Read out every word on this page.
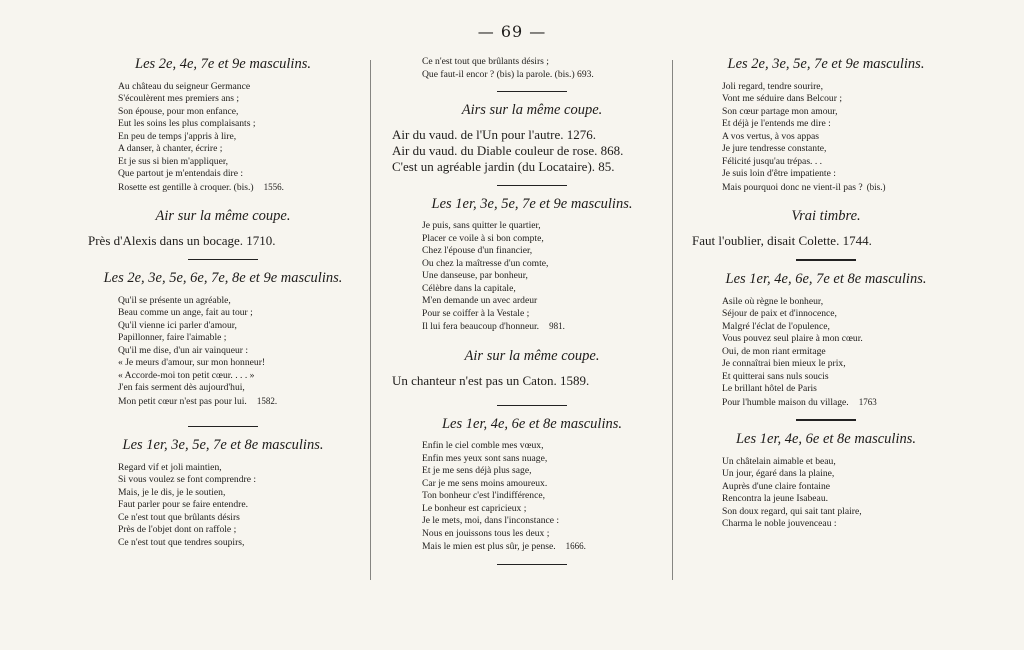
— 69 —
Les 2e, 4e, 7e et 9e masculins.
Au château du seigneur Germance
S'écoulèrent mes premiers ans ;
Son épouse, pour mon enfance,
Eut les soins les plus complaisants ;
En peu de temps j'appris à lire,
A danser, à chanter, écrire ;
Et je sus si bien m'appliquer,
Que partout je m'entendais dire :
Rosette est gentille à croquer. (bis.) 1556.
Air sur la même coupe.
Près d'Alexis dans un bocage. 1710.
Les 2e, 3e, 5e, 6e, 7e, 8e et 9e masculins.
Qu'il se présente un agréable,
Beau comme un ange, fait au tour ;
Qu'il vienne ici parler d'amour,
Papillonner, faire l'aimable ;
Qu'il me dise, d'un air vainqueur :
« Je meurs d'amour, sur mon honneur!
« Accorde-moi ton petit cœur. . . . »
J'en fais serment dès aujourd'hui,
Mon petit cœur n'est pas pour lui. 1582.
Les 1er, 3e, 5e, 7e et 8e masculins.
Regard vif et joli maintien,
Si vous voulez se font comprendre :
Mais, je le dis, je le soutien,
Faut parler pour se faire entendre.
Ce n'est tout que brûlants désirs
Près de l'objet dont on raffole ;
Ce n'est tout que tendres soupirs,
Ce n'est tout que brûlants désirs ;
Que faut-il encor ? (bis) la parole. (bis.) 693.
Airs sur la même coupe.
Air du vaud. de l'Un pour l'autre. 1276.
Air du vaud. du Diable couleur de rose. 868.
C'est un agréable jardin (du Locataire). 85.
Les 1er, 3e, 5e, 7e et 9e masculins.
Je puis, sans quitter le quartier,
Placer ce voile à si bon compte,
Chez l'épouse d'un financier,
Ou chez la maîtresse d'un comte,
Une danseuse, par bonheur,
Célèbre dans la capitale,
M'en demande un avec ardeur
Pour se coiffer à la Vestale ;
Il lui fera beaucoup d'honneur. 981.
Air sur la même coupe.
Un chanteur n'est pas un Caton. 1589.
Les 1er, 4e, 6e et 8e masculins.
Enfin le ciel comble mes vœux,
Enfin mes yeux sont sans nuage,
Et je me sens déjà plus sage,
Car je me sens moins amoureux.
Ton bonheur c'est l'indifférence,
Le bonheur est capricieux ;
Je le mets, moi, dans l'inconstance :
Nous en jouissons tous les deux ;
Mais le mien est plus sûr, je pense. 1666.
Les 2e, 3e, 5e, 7e et 9e masculins.
Joli regard, tendre sourire,
Vont me séduire dans Belcour ;
Son cœur partage mon amour,
Et déjà je l'entends me dire :
A vos vertus, à vos appas
Je jure tendresse constante,
Félicité jusqu'au trépas. . .
Je suis loin d'être impatiente :
Mais pourquoi donc ne vient-il pas ? (bis.)
Vrai timbre.
Faut l'oublier, disait Colette. 1744.
Les 1er, 4e, 6e, 7e et 8e masculins.
Asile où règne le bonheur,
Séjour de paix et d'innocence,
Malgré l'éclat de l'opulence,
Vous pouvez seul plaire à mon cœur.
Oui, de mon riant ermitage
Je connaîtrai bien mieux le prix,
Et quitterai sans nuls soucis
Le brillant hôtel de Paris
Pour l'humble maison du village. 1763
Les 1er, 4e, 6e et 8e masculins.
Un châtelain aimable et beau,
Un jour, égaré dans la plaine,
Auprès d'une claire fontaine
Rencontra la jeune Isabeau.
Son doux regard, qui sait tant plaire,
Charma le noble jouvenceau :
